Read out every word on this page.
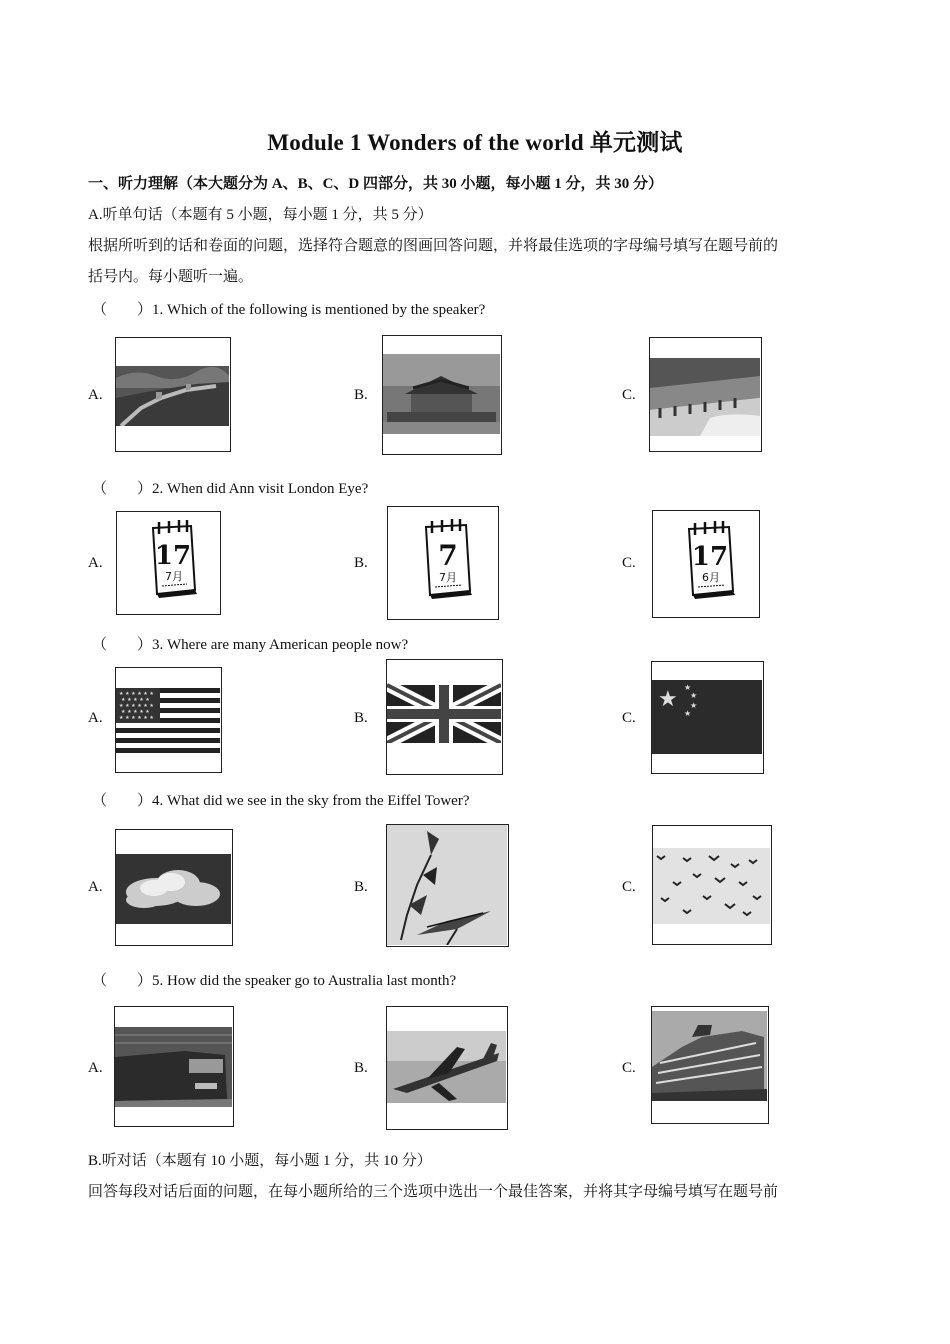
Module 1 Wonders of the world 单元测试
一、听力理解（本大题分为 A、B、C、D 四部分，共 30 小题，每小题 1 分，共 30 分）
A.听单句话（本题有 5 小题，每小题 1 分，共 5 分）
根据所听到的话和卷面的问题，选择符合题意的图画回答问题，并将最佳选项的字母编号填写在题号前的
括号内。每小题听一遍。
（　　）1. Which of the following is mentioned by the speaker?
A.	B.	C.
（　　）2. When did Ann visit London Eye?
A. 17
7月
B.	7
7月
C. 17
6月
（　　）3. Where are many American people now?
A.
★ ★ ★ ★ ★ ★
★ ★ ★ ★ ★
★ ★ ★ ★ ★ ★
★ ★ ★ ★ ★
★ ★ ★ ★ ★ ★	B.	C.
★ ★
★
★
★
（　　）4. What did we see in the sky from the Eiffel Tower?
A.	B.	C.
（　　）5. How did the speaker go to Australia last month?
A.	B.	C.
B.听对话（本题有 10 小题，每小题 1 分，共 10 分）
回答每段对话后面的问题，在每小题所给的三个选项中选出一个最佳答案，并将其字母编号填写在题号前
